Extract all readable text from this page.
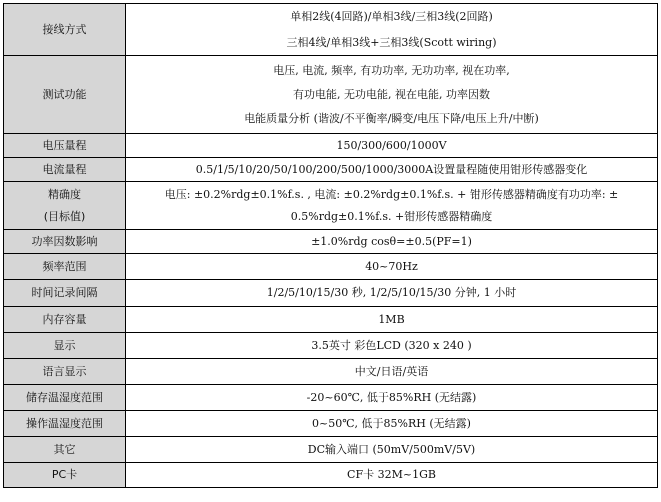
接线方式	单相2线(4回路)/单相3线/三相3线(2回路)
三相4线/单相3线+三相3线(Scott wiring)

测试功能	电压, 电流, 频率, 有功功率, 无功功率, 视在功率,
有功电能, 无功电能, 视在电能, 功率因数
电能质量分析 (谐波/不平衡率/瞬变/电压下降/电压上升/中断)

电压量程	150/300/600/1000V
电流量程	0.5/1/5/10/20/50/100/200/500/1000/3000A设置量程随使用钳形传感器变化

精确度
(目标值)	电压: ±0.2%rdg±0.1%f.s. , 电流: ±0.2%rdg±0.1%f.s. + 钳形传感器精确度有功功率: ±
0.5%rdg±0.1%f.s. +钳形传感器精确度

功率因数影响	±1.0%rdg cosθ=±0.5(PF=1)
频率范围	40~70Hz
时间记录间隔	1/2/5/10/15/30 秒, 1/2/5/10/15/30 分钟, 1 小时
内存容量	1MB
显示	3.5英寸 彩色LCD (320 x 240 )
语言显示	中文/日语/英语
储存温湿度范围	-20~60℃, 低于85%RH (无结露)
操作温湿度范围	0~50℃, 低于85%RH (无结露)
其它	DC输入端口 (50mV/500mV/5V)
PC卡	CF卡 32M~1GB
